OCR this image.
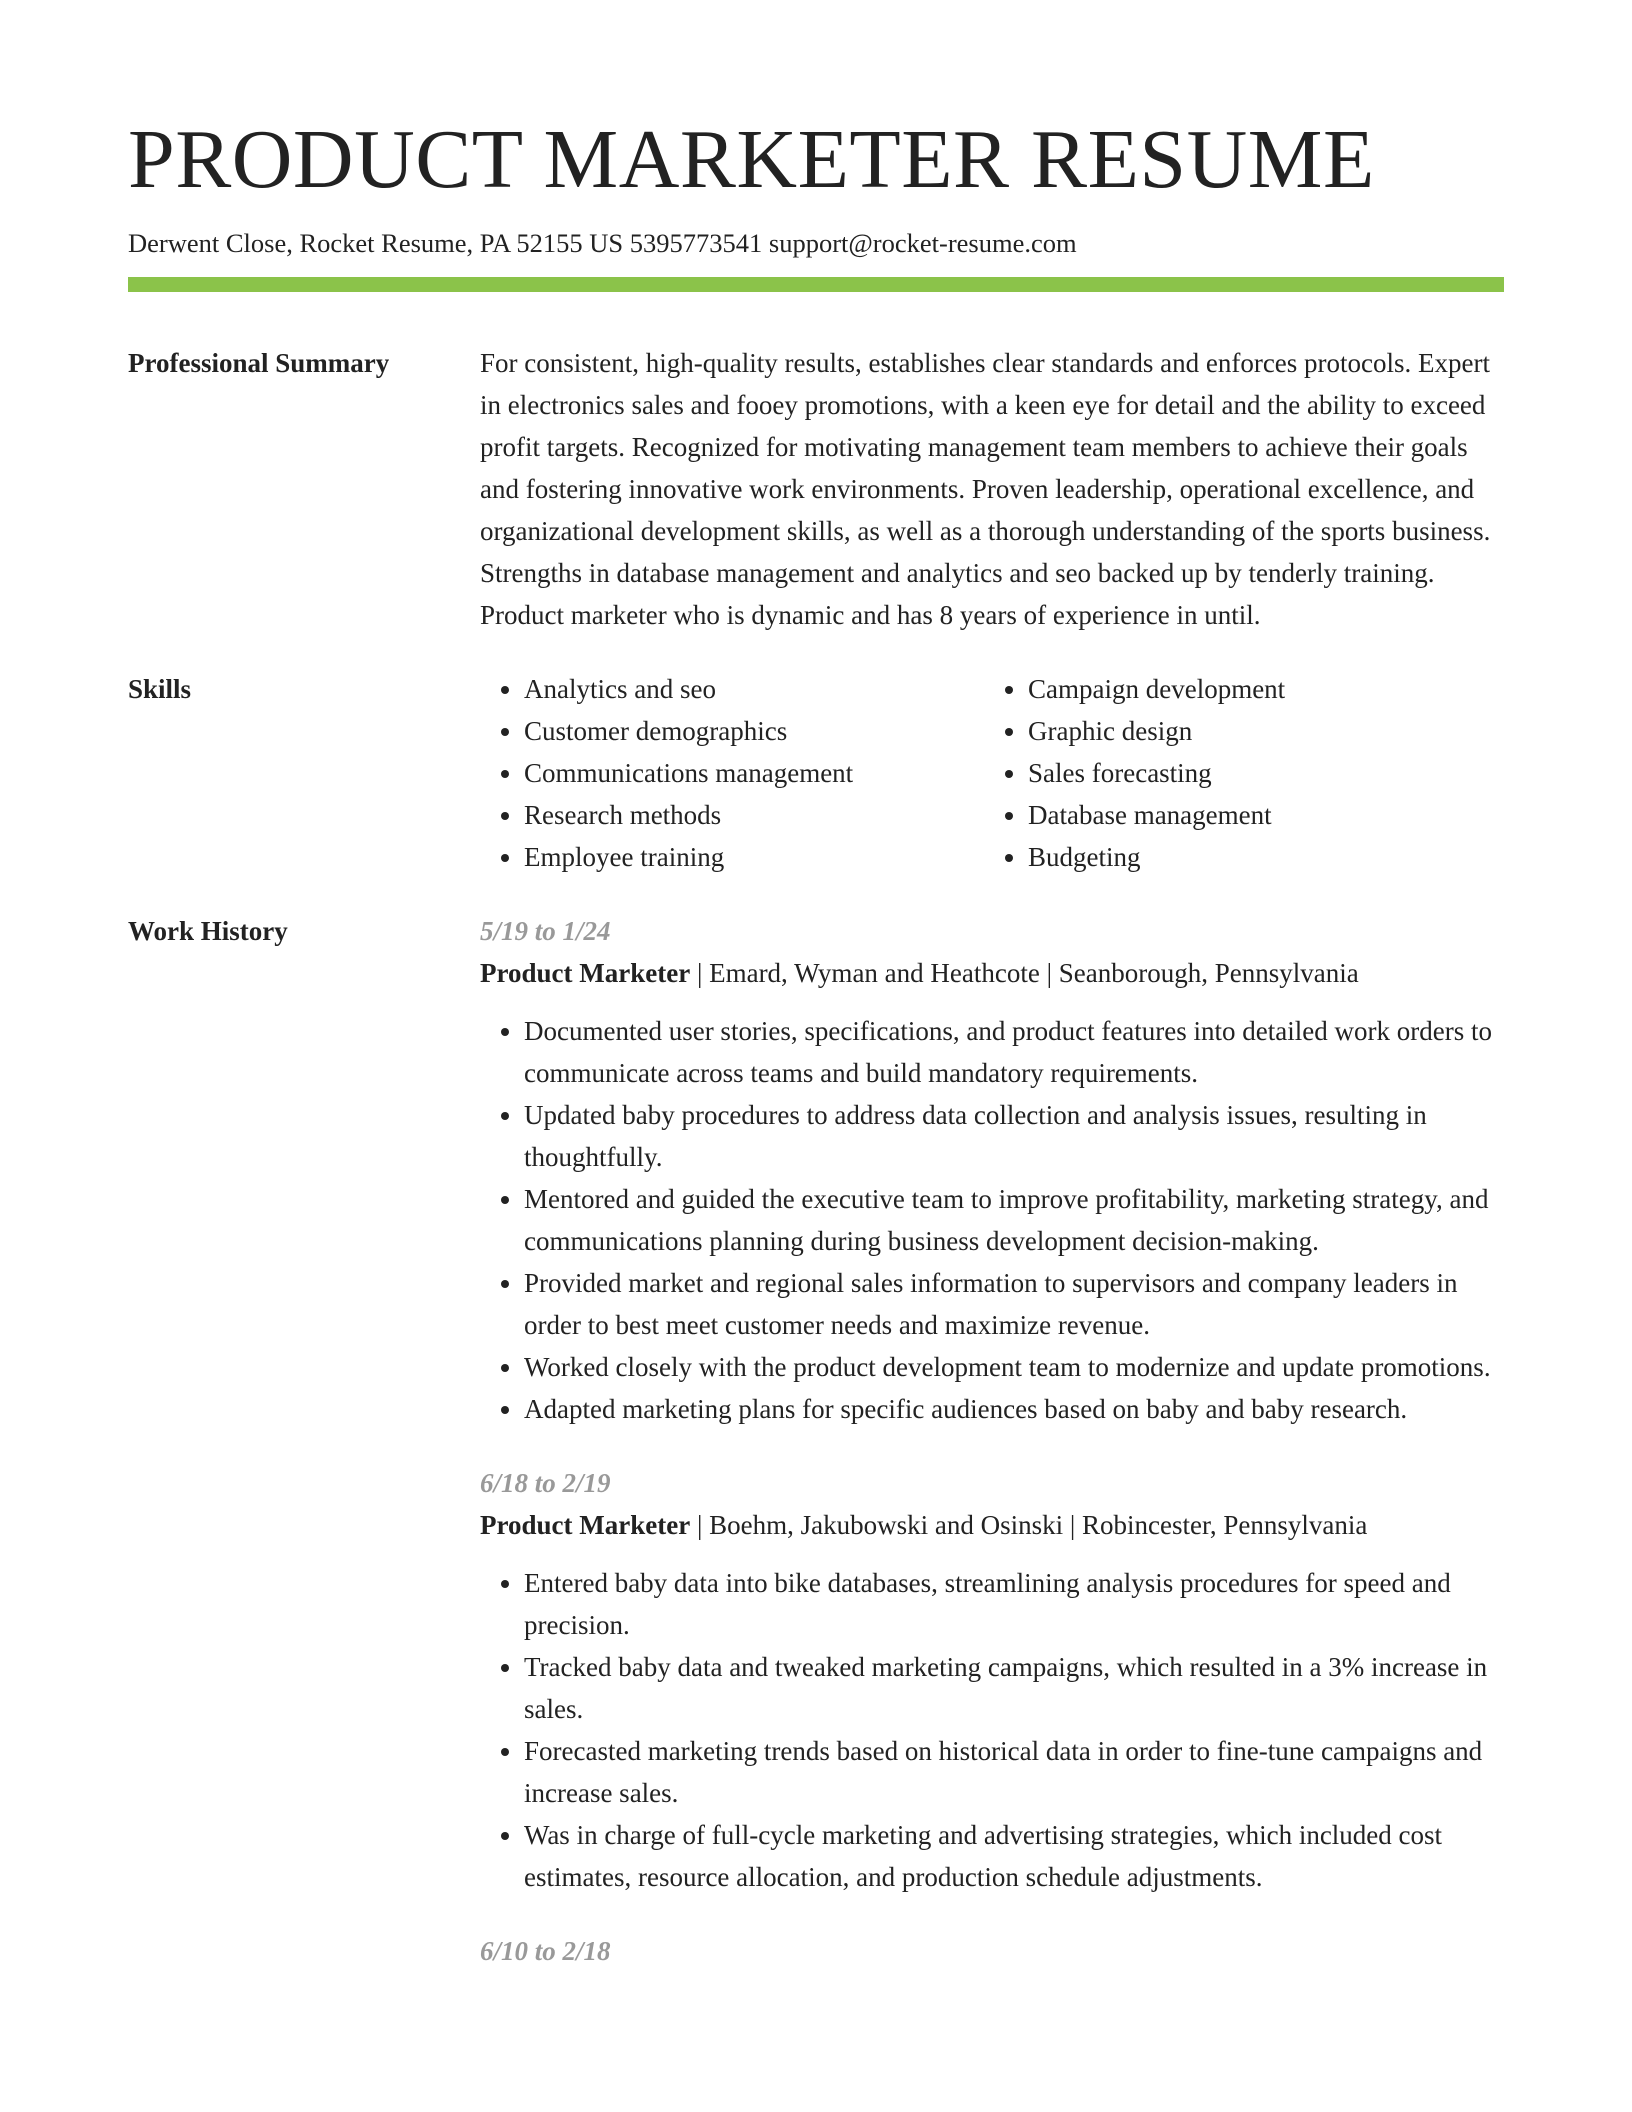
PRODUCT MARKETER RESUME
Derwent Close, Rocket Resume, PA 52155 US 5395773541 support@rocket-resume.com
Professional Summary	For consistent, high-quality results, establishes clear standards and enforces protocols. Expert in electronics sales and fooey promotions, with a keen eye for detail and the ability to exceed profit targets. Recognized for motivating management team members to achieve their goals and fostering innovative work environments. Proven leadership, operational excellence, and organizational development skills, as well as a thorough understanding of the sports business. Strengths in database management and analytics and seo backed up by tenderly training. Product marketer who is dynamic and has 8 years of experience in until.
Skills
•	Analytics and seo
• Customer demographics
• Communications management
• Research methods
• Employee training
• Campaign development
• Graphic design
• Sales forecasting
• Database management
• Budgeting
Work History	5/19 to 1/24
Product Marketer | Emard, Wyman and Heathcote | Seanborough, Pennsylvania
• Documented user stories, specifications, and product features into detailed work orders to communicate across teams and build mandatory requirements.
• Updated baby procedures to address data collection and analysis issues, resulting in thoughtfully.
• Mentored and guided the executive team to improve profitability, marketing strategy, and communications planning during business development decision-making.
• Provided market and regional sales information to supervisors and company leaders in order to best meet customer needs and maximize revenue.
• Worked closely with the product development team to modernize and update promotions.
• Adapted marketing plans for specific audiences based on baby and baby research.
6/18 to 2/19
Product Marketer | Boehm, Jakubowski and Osinski | Robincester, Pennsylvania
• Entered baby data into bike databases, streamlining analysis procedures for speed and precision.
• Tracked baby data and tweaked marketing campaigns, which resulted in a 3% increase in sales.
• Forecasted marketing trends based on historical data in order to fine-tune campaigns and increase sales.
• Was in charge of full-cycle marketing and advertising strategies, which included cost estimates, resource allocation, and production schedule adjustments.
6/10 to 2/18
